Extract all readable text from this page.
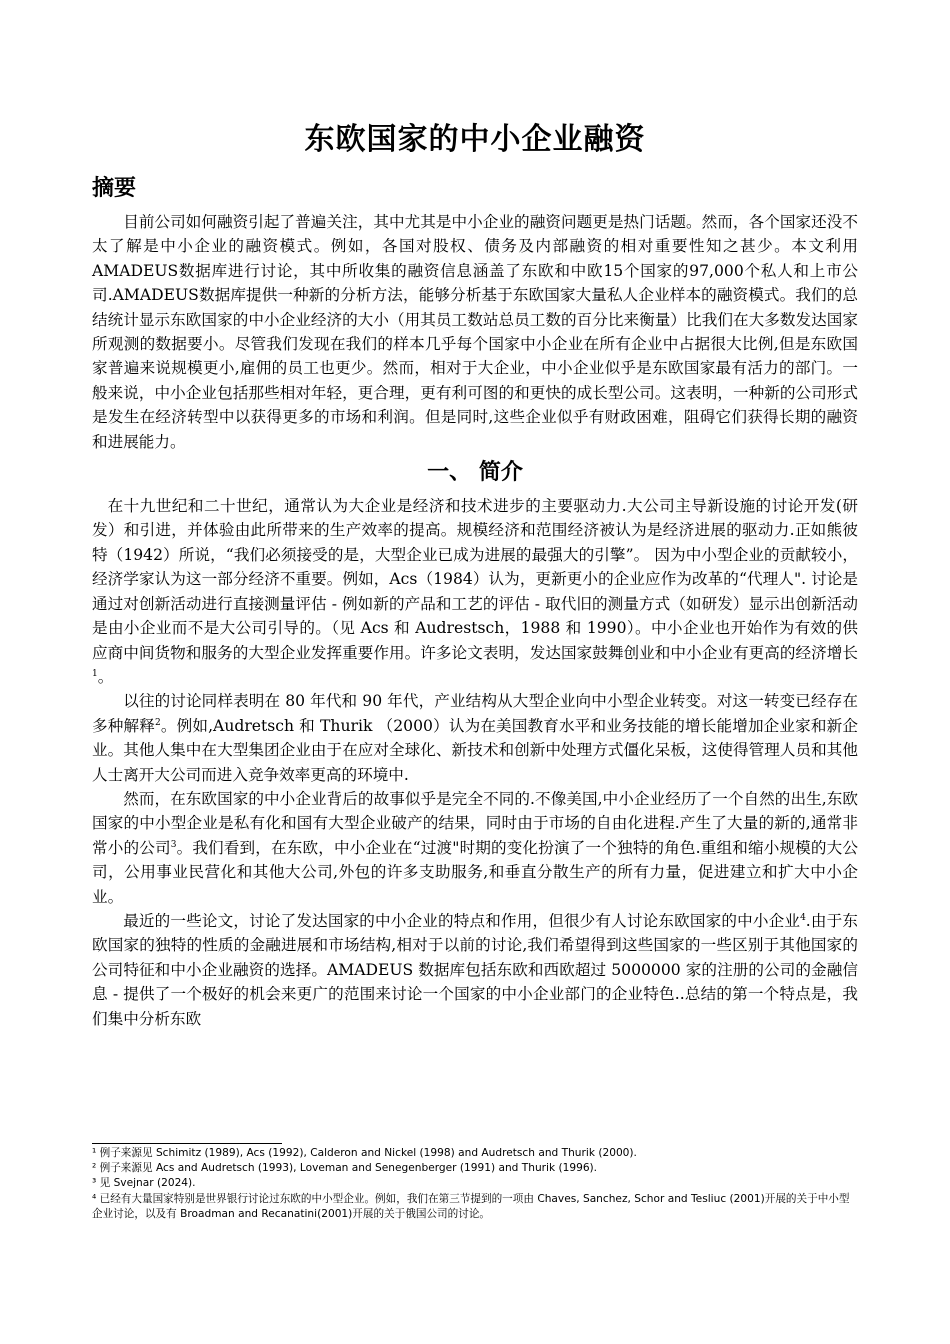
东欧国家的中小企业融资
摘要

目前公司如何融资引起了普遍关注，其中尤其是中小企业的融资问题更是热门话题。然而，各个国家还没不太了解是中小企业的融资模式。例如，各国对股权、债务及内部融资的相对重要性知之甚少。本文利用AMADEUS数据库进行讨论，其中所收集的融资信息涵盖了东欧和中欧15个国家的97,000个私人和上市公司.AMADEUS数据库提供一种新的分析方法，能够分析基于东欧国家大量私人企业样本的融资模式。我们的总结统计显示东欧国家的中小企业经济的大小（用其员工数站总员工数的百分比来衡量）比我们在大多数发达国家所观测的数据要小。尽管我们发现在我们的样本几乎每个国家中小企业在所有企业中占据很大比例,但是东欧国家普遍来说规模更小,雇佣的员工也更少。然而，相对于大企业，中小企业似乎是东欧国家最有活力的部门。一般来说，中小企业包括那些相对年轻，更合理，更有利可图的和更快的成长型公司。这表明，一种新的公司形式是发生在经济转型中以获得更多的市场和利润。但是同时,这些企业似乎有财政困难，阻碍它们获得长期的融资和进展能力。

一、 简介

在十九世纪和二十世纪，通常认为大企业是经济和技术进步的主要驱动力.大公司主导新设施的讨论开发(研发）和引进，并体验由此所带来的生产效率的提高。规模经济和范围经济被认为是经济进展的驱动力.正如熊彼特（1942）所说，“我们必须接受的是，大型企业已成为进展的最强大的引擎”。 因为中小型企业的贡献较小，经济学家认为这一部分经济不重要。例如，Acs（1984）认为，更新更小的企业应作为改革的“代理人". 讨论是通过对创新活动进行直接测量评估 - 例如新的产品和工艺的评估 - 取代旧的测量方式（如研发）显示出创新活动是由小企业而不是大公司引导的。（见 Acs 和 Audrestsch，1988 和 1990）。中小企业也开始作为有效的供应商中间货物和服务的大型企业发挥重要作用。许多论文表明，发达国家鼓舞创业和中小企业有更高的经济增长$^1$。

以往的讨论同样表明在 80 年代和 90 年代，产业结构从大型企业向中小型企业转变。对这一转变已经存在多种解释$^2$。例如,Audretsch 和 Thurik （2000）认为在美国教育水平和业务技能的增长能增加企业家和新企业。其他人集中在大型集团企业由于在应对全球化、新技术和创新中处理方式僵化呆板，这使得管理人员和其他人士离开大公司而进入竞争效率更高的环境中.

然而，在东欧国家的中小企业背后的故事似乎是完全不同的.不像美国,中小企业经历了一个自然的出生,东欧国家的中小型企业是私有化和国有大型企业破产的结果，同时由于市场的自由化进程.产生了大量的新的,通常非常小的公司$^3$。我们看到，在东欧，中小企业在“过渡"时期的变化扮演了一个独特的角色.重组和缩小规模的大公司，公用事业民营化和其他大公司,外包的许多支助服务,和垂直分散生产的所有力量，促进建立和扩大中小企业。

最近的一些论文，讨论了发达国家的中小企业的特点和作用，但很少有人讨论东欧国家的中小企业$^4$.由于东欧国家的独特的性质的金融进展和市场结构,相对于以前的讨论,我们希望得到这些国家的一些区别于其他国家的公司特征和中小企业融资的选择。AMADEUS 数据库包括东欧和西欧超过 5000000 家的注册的公司的金融信息 - 提供了一个极好的机会来更广的范围来讨论一个国家的中小企业部门的企业特色..总结的第一个特点是，我们集中分析东欧

¹ 例子来源见 Schimitz (1989), Acs (1992), Calderon and Nickel (1998) and Audretsch and Thurik (2000).

² 例子来源见 Acs and Audretsch (1993), Loveman and Senegenberger (1991) and Thurik (1996).

³ 见 Svejnar (2024).

⁴ 已经有大量国家特别是世界银行讨论过东欧的中小型企业。例如，我们在第三节提到的一项由 Chaves, Sanchez, Schor and Tesliuc (2001)开展的关于中小型企业讨论，以及有 Broadman and Recanatini(2001)开展的关于俄国公司的讨论。
